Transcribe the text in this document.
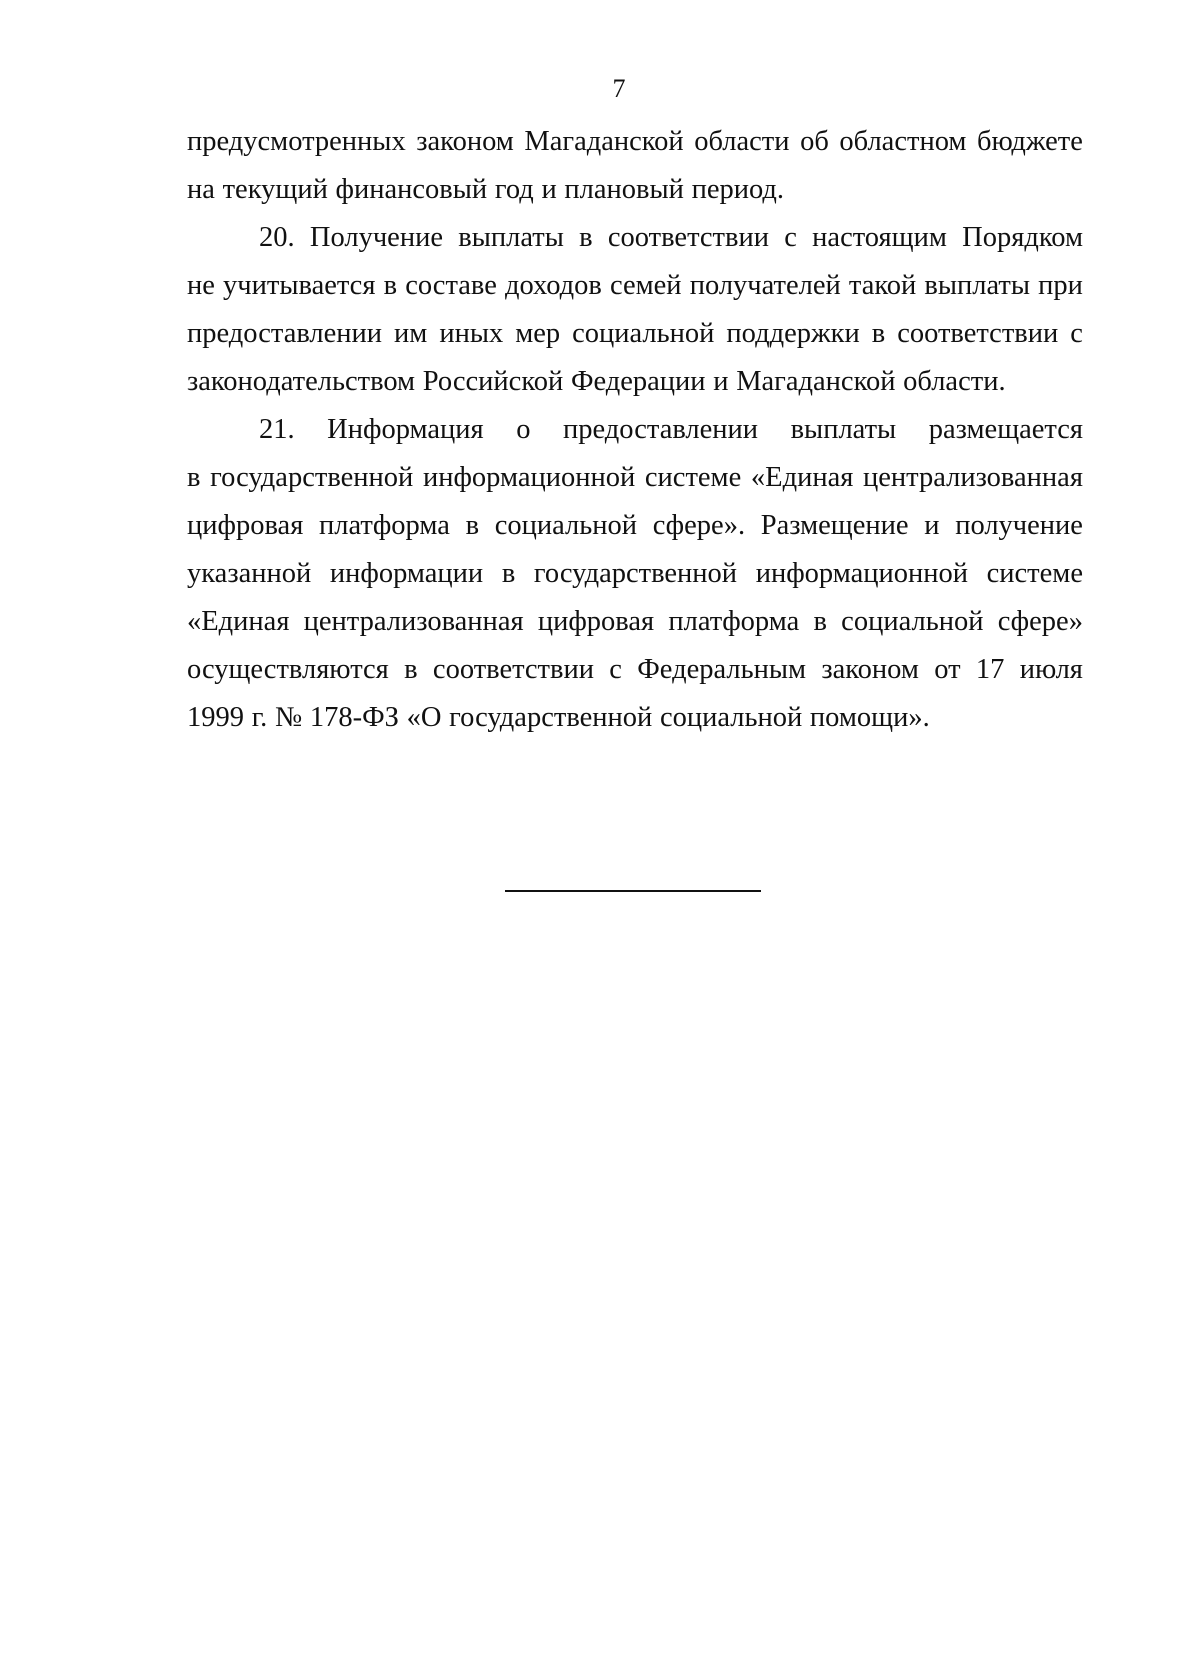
7
предусмотренных законом Магаданской области об областном бюджете
на текущий финансовый год и плановый период.
20. Получение выплаты в соответствии с настоящим Порядком
не учитывается в составе доходов семей получателей такой выплаты при
предоставлении им иных мер социальной поддержки в соответствии с
законодательством Российской Федерации и Магаданской области.
21. Информация о предоставлении выплаты размещается
в государственной информационной системе «Единая централизованная
цифровая платформа в социальной сфере». Размещение и получение
указанной информации в государственной информационной системе
«Единая централизованная цифровая платформа в социальной сфере»
осуществляются в соответствии с Федеральным законом от 17 июля
1999 г. № 178-ФЗ «О государственной социальной помощи».
